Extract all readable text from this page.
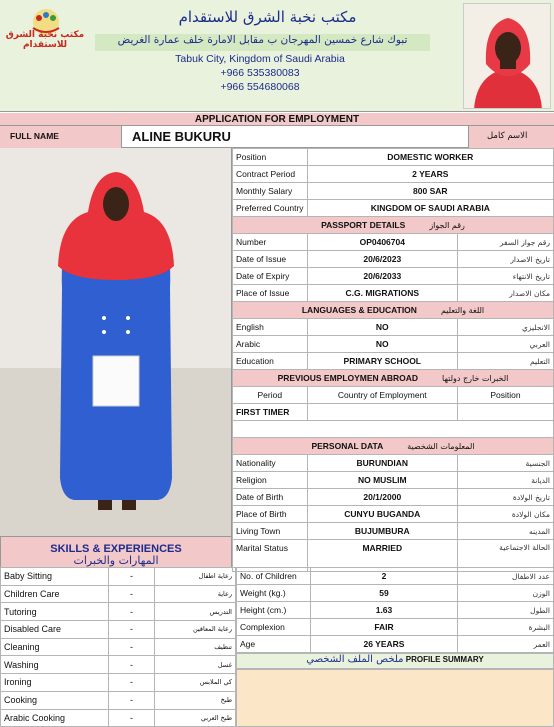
مكتب نخبة الشرق للاستقدام
مكتب نخبة الشرق للاستقدام
تبوك شارع خمسين المهرجان ب مقابل الامارة خلف عمارة الغريض
Tabuk City, Kingdom of Saudi Arabia
+966 535380083
+966 554680068
APPLICATION FOR EMPLOYMENT
FULL NAME	ALINE BUKURU	الاسم كامل
Position	DOMESTIC WORKER	
Contract Period	2 YEARS	
Monthly Salary	800 SAR	
Preferred Country	KINGDOM OF SAUDI ARABIA	
PASSPORT DETAILS رقم الجواز		
Number	OP0406704	رقم جواز السفر
Date of Issue	20/6/2023	تاريخ الاصدار
Date of Expiry	20/6/2033	تاريخ الانتهاء
Place of Issue	C.G. MIGRATIONS	مكان الاصدار
LANGUAGES & EDUCATION اللغة والتعليم		
English	NO	الانجليزي
Arabic	NO	العربي
Education	PRIMARY SCHOOL	التعليم
PREVIOUS EMPLOYMEN ABROAD الخبرات خارج دولتها		
Period	Country of Employment	Position
FIRST TIMER		

PERSONAL DATA المعلومات الشخصية		
Nationality	BURUNDIAN	الجنسية
Religion	NO MUSLIM	الديانة
Date of Birth	20/1/2000	تاريخ الولادة
Place of Birth	CUNYU BUGANDA	مكان الولادة
Living Town	BUJUMBURA	المدينه
Marital Status	MARRIED	الحالة الاجتماعية
SKILLS & EXPERIENCES
المهارات والخبرات
Baby Sitting	-	رعاية اطفال
Children Care	-	رعاية
Tutoring	-	التدريس
Disabled Care	-	رعاية المعاقين
Cleaning	-	تنظيف
Washing	-	غسل
Ironing	-	كي الملابس
Cooking	-	طبخ
Arabic Cooking	-	طبخ العربي
No. of Children	2	عدد الاطفال
Weight (kg.)	59	الوزن
Height (cm.)	1.63	الطول
Complexion	FAIR	البشرة
Age	26 YEARS	العمر
ملخص الملف الشخصي PROFILE SUMMARY
